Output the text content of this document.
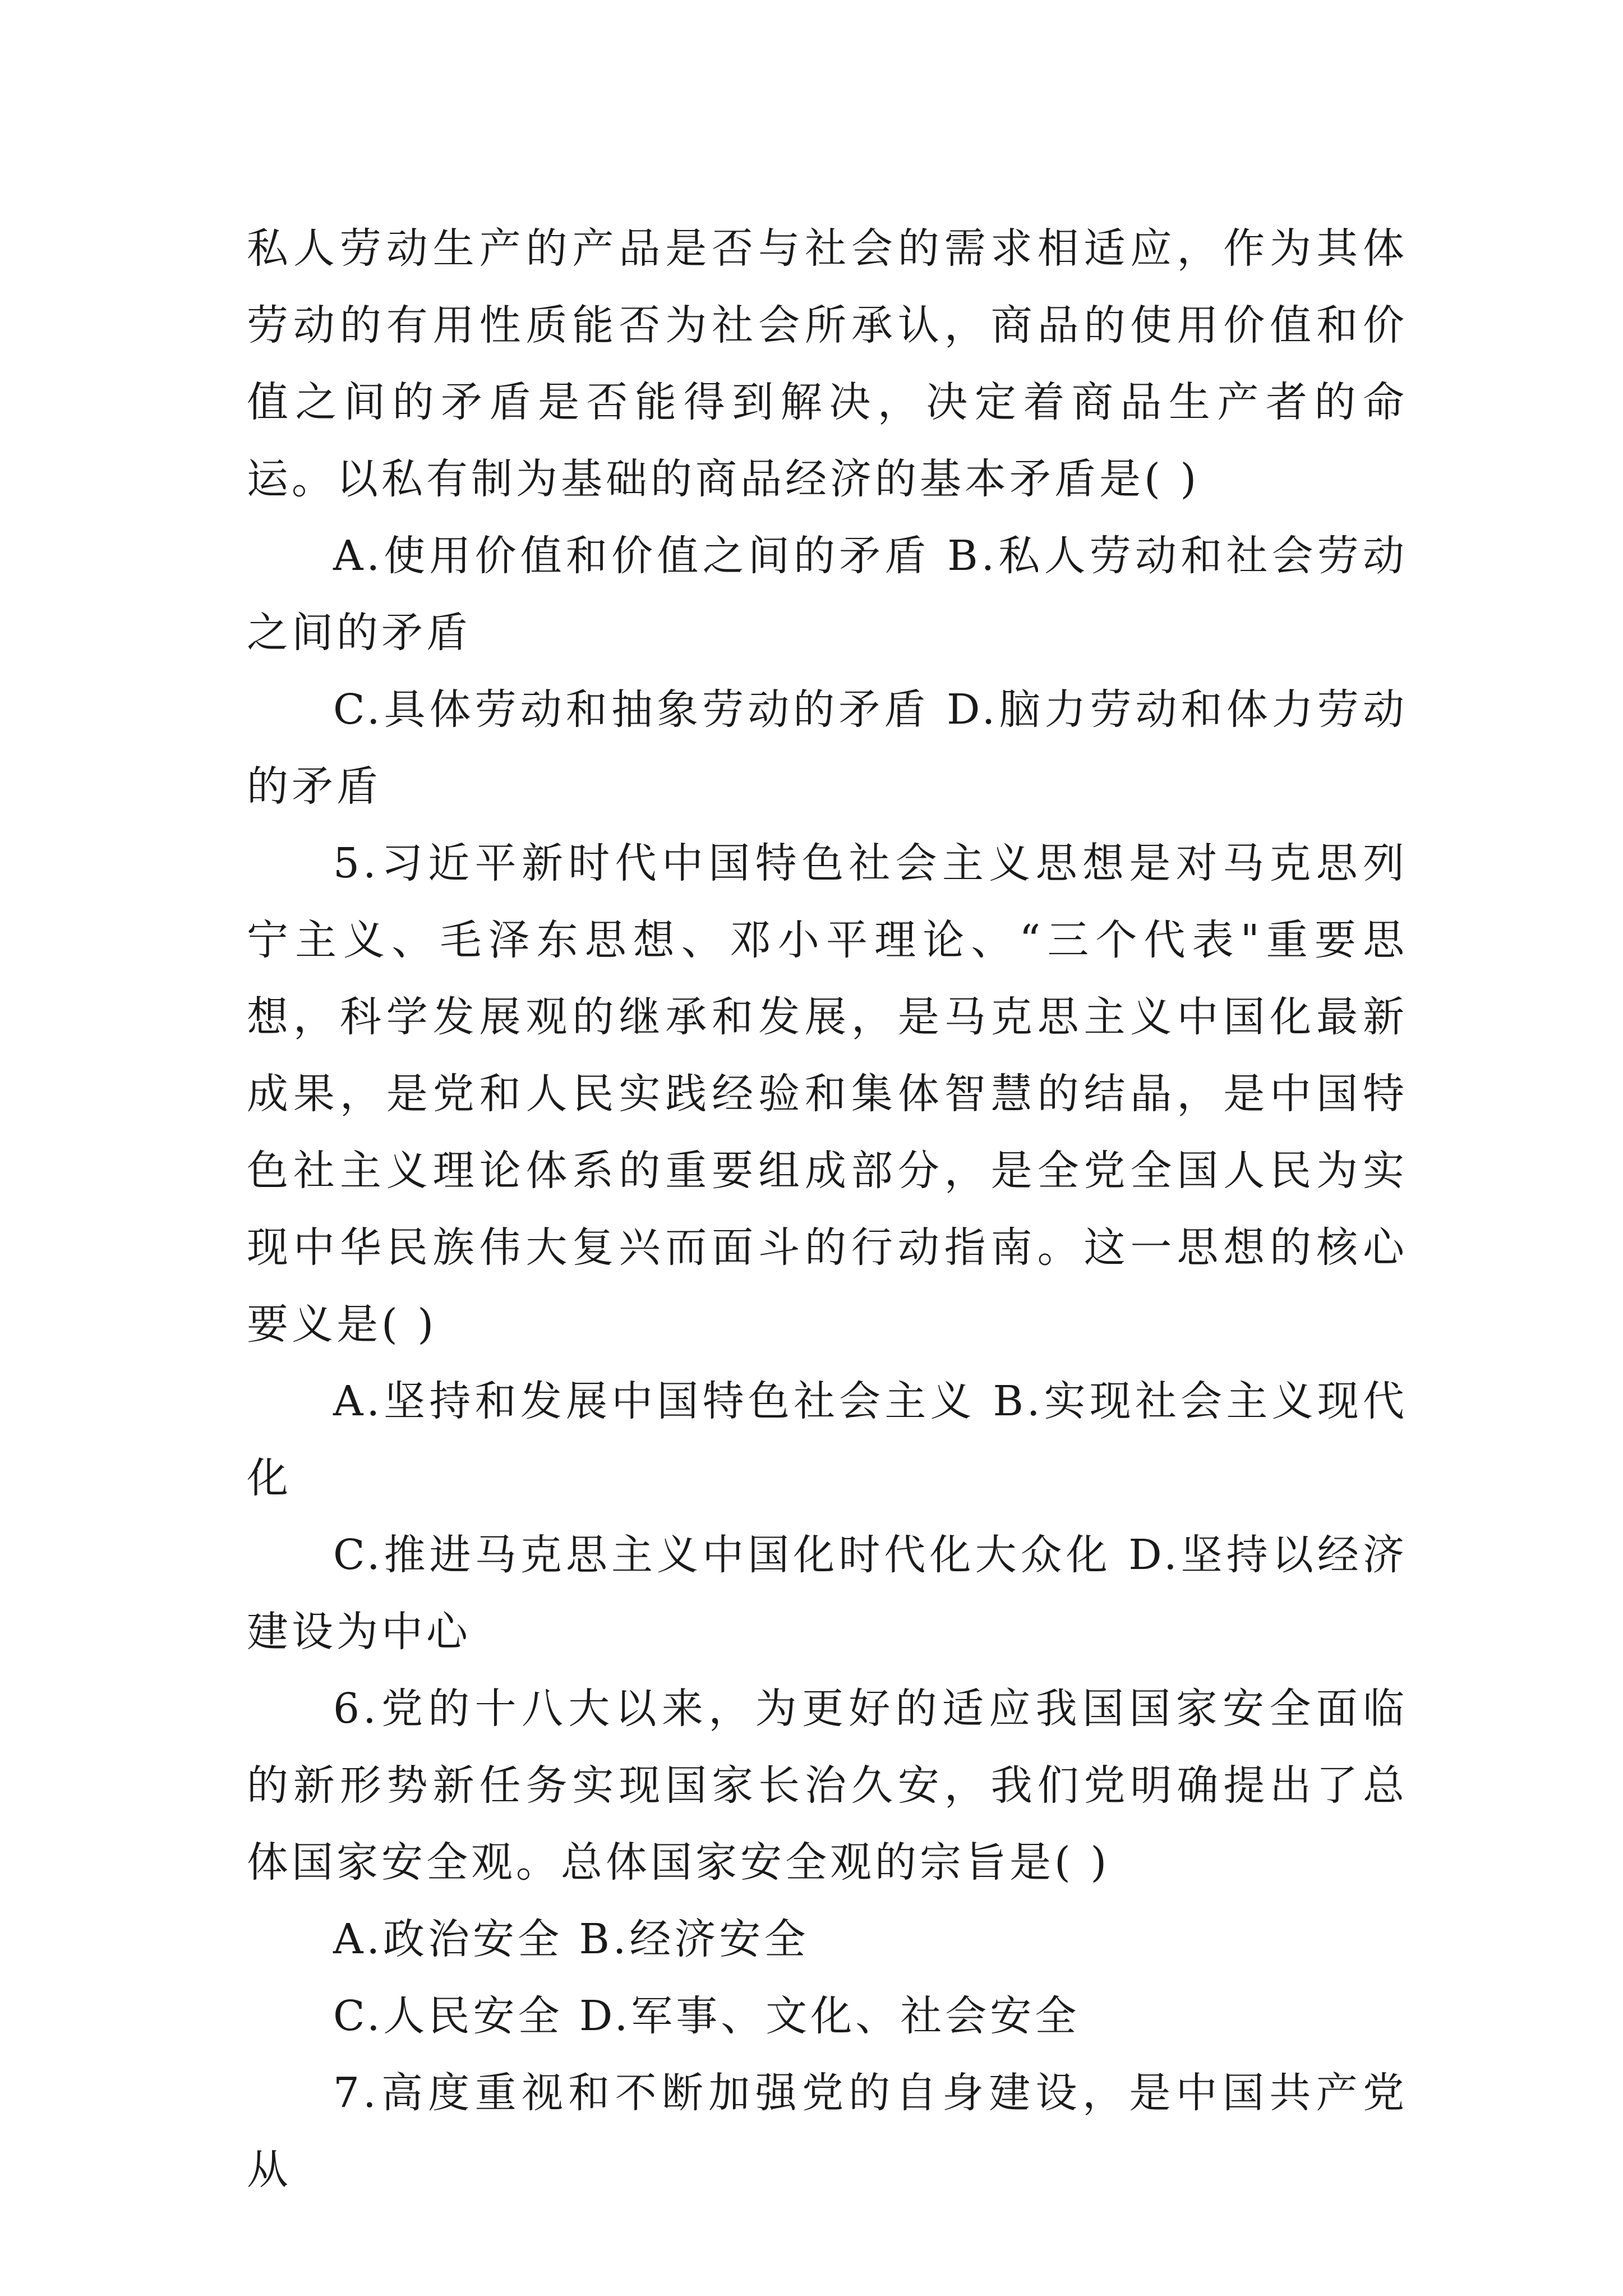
私人劳动生产的产品是否与社会的需求相适应，作为其体劳动的有用性质能否为社会所承认，商品的使用价值和价值之间的矛盾是否能得到解决，决定着商品生产者的命运。以私有制为基础的商品经济的基本矛盾是( )

A.使用价值和价值之间的矛盾 B.私人劳动和社会劳动之间的矛盾

C.具体劳动和抽象劳动的矛盾 D.脑力劳动和体力劳动的矛盾

5.习近平新时代中国特色社会主义思想是对马克思列宁主义、毛泽东思想、邓小平理论、“三个代表"重要思想，科学发展观的继承和发展，是马克思主义中国化最新成果，是党和人民实践经验和集体智慧的结晶，是中国特色社主义理论体系的重要组成部分，是全党全国人民为实现中华民族伟大复兴而面斗的行动指南。这一思想的核心要义是( )

A.坚持和发展中国特色社会主义 B.实现社会主义现代化

C.推进马克思主义中国化时代化大众化 D.坚持以经济建设为中心

6.党的十八大以来，为更好的适应我国国家安全面临的新形势新任务实现国家长治久安，我们党明确提出了总体国家安全观。总体国家安全观的宗旨是( )

A.政治安全 B.经济安全

C.人民安全 D.军事、文化、社会安全

7.高度重视和不断加强党的自身建设，是中国共产党从
